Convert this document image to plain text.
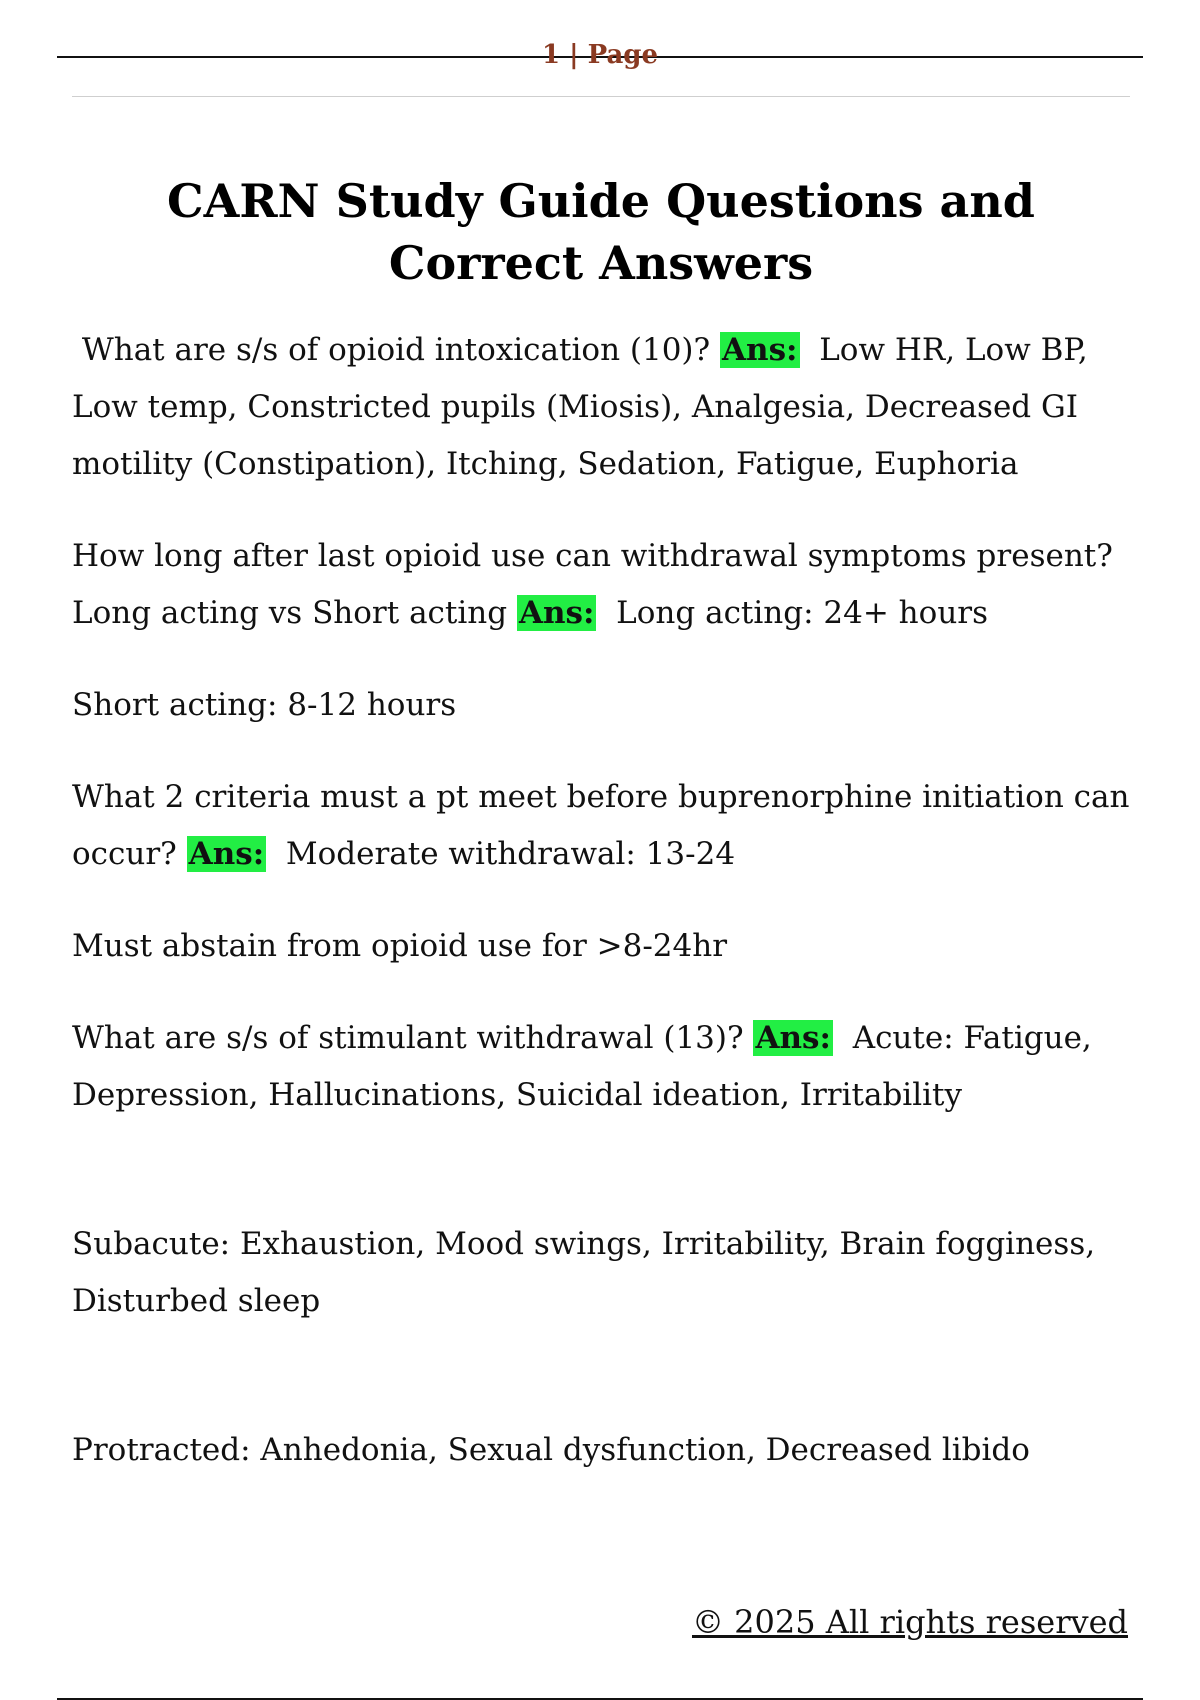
1 | Page
CARN Study Guide Questions and Correct Answers

What are s/s of opioid intoxication (10)? Ans: Low HR, Low BP, Low temp, Constricted pupils (Miosis), Analgesia, Decreased GI motility (Constipation), Itching, Sedation, Fatigue, Euphoria

How long after last opioid use can withdrawal symptoms present? Long acting vs Short acting Ans: Long acting: 24+ hours

Short acting: 8-12 hours

What 2 criteria must a pt meet before buprenorphine initiation can occur? Ans: Moderate withdrawal: 13-24

Must abstain from opioid use for >8-24hr

What are s/s of stimulant withdrawal (13)? Ans: Acute: Fatigue, Depression, Hallucinations, Suicidal ideation, Irritability

Subacute: Exhaustion, Mood swings, Irritability, Brain fogginess, Disturbed sleep

Protracted: Anhedonia, Sexual dysfunction, Decreased libido

© 2025 All rights reserved
